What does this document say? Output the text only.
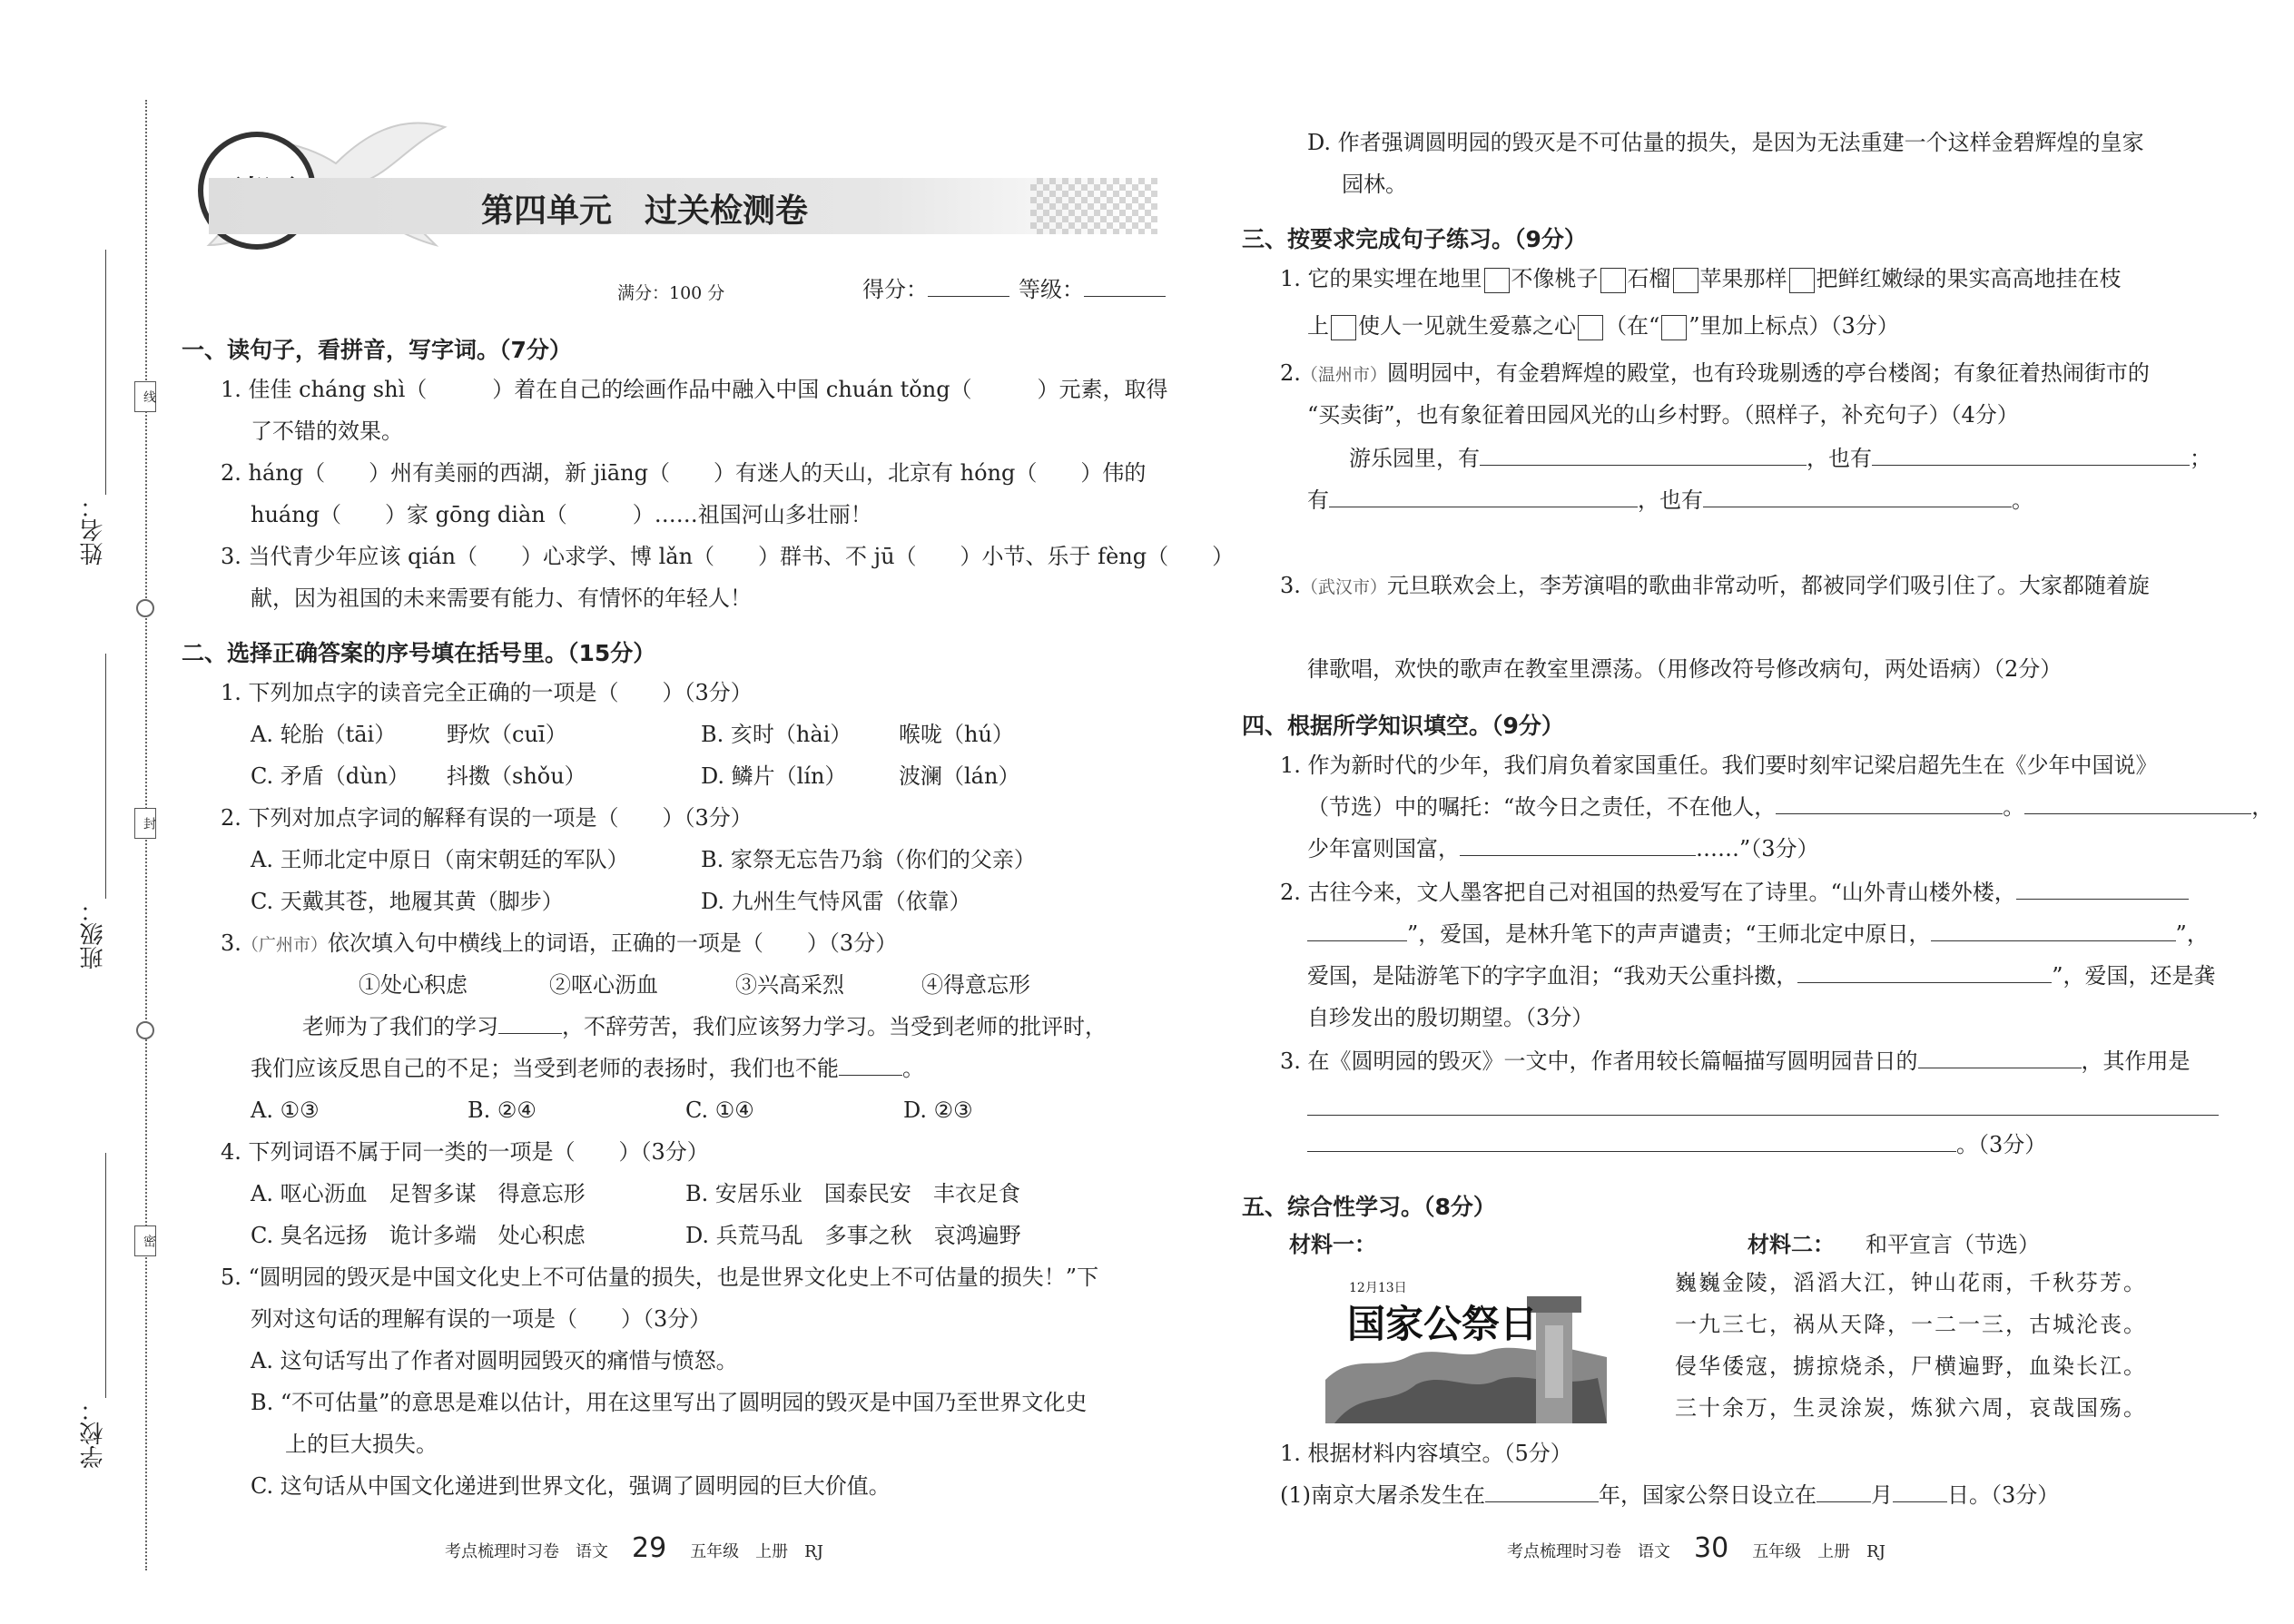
姓名：
班级：
学校：
线
封
密
第四单元　过关检测卷
满分：100 分	得分：	等级：
一、读句子，看拼音，写字词。（7分）
1. 佳佳 cháng shì（　　　）着在自己的绘画作品中融入中国 chuán tǒng（　　　）元素，取得
了不错的效果。
2. háng（　　）州有美丽的西湖，新 jiāng（　　）有迷人的天山，北京有 hóng（　　）伟的
huáng（　　）家 gōng diàn（　　　）……祖国河山多壮丽！
3. 当代青少年应该 qián（　　）心求学、博 lǎn（　　）群书、不 jū（　　）小节、乐于 fèng（　　）
献，因为祖国的未来需要有能力、有情怀的年轻人！
二、选择正确答案的序号填在括号里。（15分）
1. 下列加点字的读音完全正确的一项是（　　）（3分）
A. 轮胎（tāi） 野炊（cuī）	B. 亥时（hài） 喉咙（hú）
C. 矛盾（dùn） 抖擞（shǒu）	D. 鳞片（lín） 波澜（lán）
2. 下列对加点字词的解释有误的一项是（　　）（3分）
A. 王师北定中原日（南宋朝廷的军队）	B. 家祭无忘告乃翁（你们的父亲）
C. 天戴其苍，地履其黄（脚步）	D. 九州生气恃风雷（依靠）
3.（广州市）依次填入句中横线上的词语，正确的一项是（　　）（3分）
①处心积虑	②呕心沥血	③兴高采烈	④得意忘形
老师为了我们的学习	，不辞劳苦，我们应该努力学习。当受到老师的批评时，
我们应该反思自己的不足；当受到老师的表扬时，我们也不能	。
A. ①③	B. ②④	C. ①④	D. ②③
4. 下列词语不属于同一类的一项是（　　）（3分）
A. 呕心沥血　足智多谋　得意忘形	B. 安居乐业　国泰民安　丰衣足食
C. 臭名远扬　诡计多端　处心积虑	D. 兵荒马乱　多事之秋　哀鸿遍野
5. “圆明园的毁灭是中国文化史上不可估量的损失，也是世界文化史上不可估量的损失！”下
列对这句话的理解有误的一项是（　　）（3分）
A. 这句话写出了作者对圆明园毁灭的痛惜与愤怒。
B. “不可估量”的意思是难以估计，用在这里写出了圆明园的毁灭是中国乃至世界文化史
上的巨大损失。
C. 这句话从中国文化递进到世界文化，强调了圆明园的巨大价值。
考点梳理时习卷　语文 29 五年级　上册　RJ
D. 作者强调圆明园的毁灭是不可估量的损失，是因为无法重建一个这样金碧辉煌的皇家
园林。
三、按要求完成句子练习。（9分）
1. 它的果实埋在地里 不像桃子 石榴 苹果那样 把鲜红嫩绿的果实高高地挂在枝
上 使人一见就生爱慕之心 （在“ ”里加上标点）（3分）
2.（温州市）圆明园中，有金碧辉煌的殿堂，也有玲珑剔透的亭台楼阁；有象征着热闹街市的
“买卖街”，也有象征着田园风光的山乡村野。（照样子，补充句子）（4分）
游乐园里，有	，也有	；
有	，也有	。
3.（武汉市）元旦联欢会上，李芳演唱的歌曲非常动听，都被同学们吸引住了。大家都随着旋
律歌唱，欢快的歌声在教室里漂荡。（用修改符号修改病句，两处语病）（2分）
四、根据所学知识填空。（9分）
1. 作为新时代的少年，我们肩负着家国重任。我们要时刻牢记梁启超先生在《少年中国说》
（节选）中的嘱托：“故今日之责任，不在他人，	。	，
少年富则国富，	……”（3分）
2. 古往今来，文人墨客把自己对祖国的热爱写在了诗里。“山外青山楼外楼，
”，爱国，是林升笔下的声声谴责；“王师北定中原日，	”，
爱国，是陆游笔下的字字血泪；“我劝天公重抖擞，	”，爱国，还是龚
自珍发出的殷切期望。（3分）
3. 在《圆明园的毁灭》一文中，作者用较长篇幅描写圆明园昔日的	，其作用是
。（3分）
五、综合性学习。（8分）
材料一：	材料二： 和平宣言（节选）
12月13日
国家公祭日
巍巍金陵，滔滔大江，钟山花雨，千秋芬芳。
一九三七，祸从天降，一二一三，古城沦丧。
侵华倭寇，掳掠烧杀，尸横遍野，血染长江。
三十余万，生灵涂炭，炼狱六周，哀哉国殇。
1. 根据材料内容填空。（5分）
(1)南京大屠杀发生在	年，国家公祭日设立在	月	日。（3分）
考点梳理时习卷　语文 30 五年级　上册　RJ
